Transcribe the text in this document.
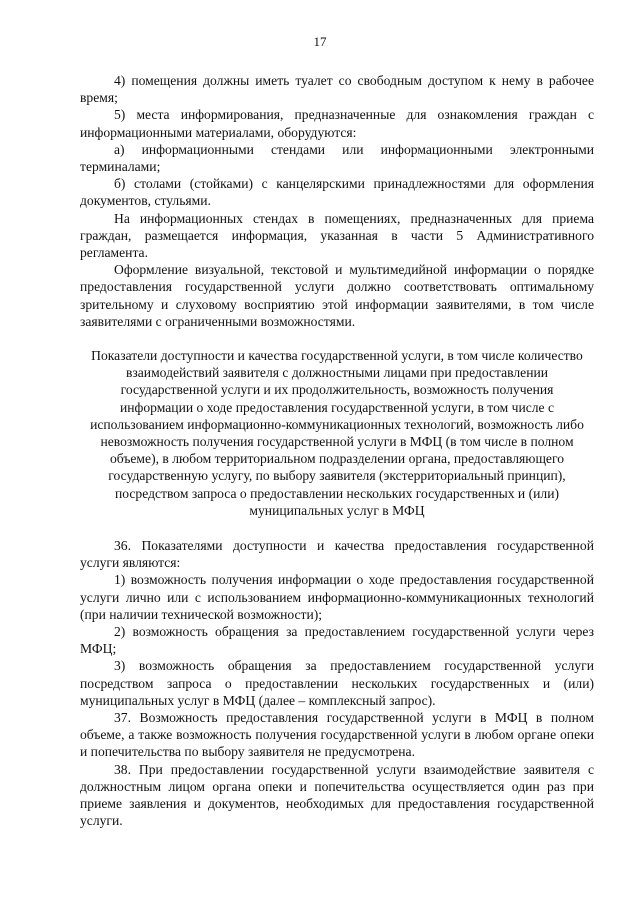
17

4) помещения должны иметь туалет со свободным доступом к нему в рабочее время;

5) места информирования, предназначенные для ознакомления граждан с информационными материалами, оборудуются:

а) информационными стендами или информационными электронными терминалами;

б) столами (стойками) с канцелярскими принадлежностями для оформления документов, стульями.

На информационных стендах в помещениях, предназначенных для приема граждан, размещается информация, указанная в части 5 Административного регламента.

Оформление визуальной, текстовой и мультимедийной информации о порядке предоставления государственной услуги должно соответствовать оптимальному зрительному и слуховому восприятию этой информации заявителями, в том числе заявителями с ограниченными возможностями.

Показатели доступности и качества государственной услуги, в том числе количество взаимодействий заявителя с должностными лицами при предоставлении государственной услуги и их продолжительность, возможность получения информации о ходе предоставления государственной услуги, в том числе с использованием информационно-коммуникационных технологий, возможность либо невозможность получения государственной услуги в МФЦ (в том числе в полном объеме), в любом территориальном подразделении органа, предоставляющего государственную услугу, по выбору заявителя (экстерриториальный принцип), посредством запроса о предоставлении нескольких государственных и (или) муниципальных услуг в МФЦ

36. Показателями доступности и качества предоставления государственной услуги являются:

1) возможность получения информации о ходе предоставления государственной услуги лично или с использованием информационно-коммуникационных технологий (при наличии технической возможности);

2) возможность обращения за предоставлением государственной услуги через МФЦ;

3) возможность обращения за предоставлением государственной услуги посредством запроса о предоставлении нескольких государственных и (или) муниципальных услуг в МФЦ (далее – комплексный запрос).

37. Возможность предоставления государственной услуги в МФЦ в полном объеме, а также возможность получения государственной услуги в любом органе опеки и попечительства по выбору заявителя не предусмотрена.

38. При предоставлении государственной услуги взаимодействие заявителя с должностным лицом органа опеки и попечительства осуществляется один раз при приеме заявления и документов, необходимых для предоставления государственной услуги.
